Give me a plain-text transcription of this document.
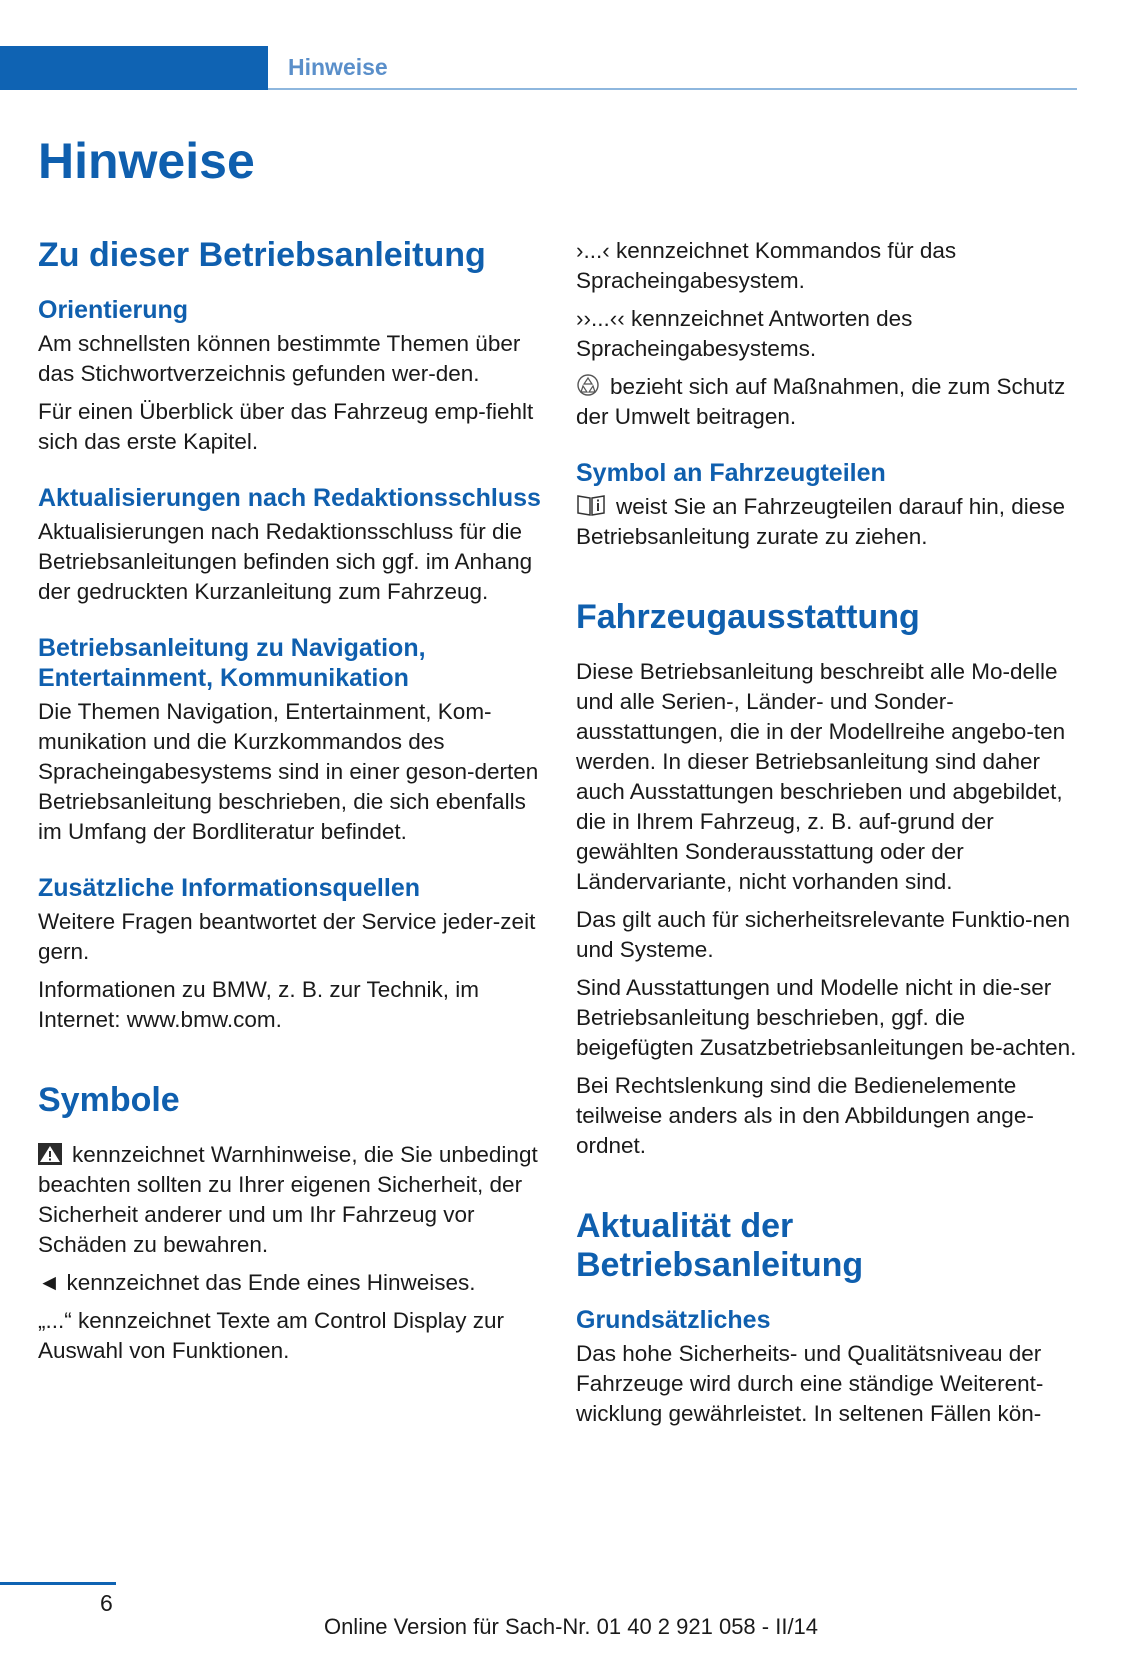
Hinweise
Hinweise
Zu dieser Betriebsanleitung
Orientierung

Am schnellsten können bestimmte Themen über das Stichwortverzeichnis gefunden wer-den.

Für einen Überblick über das Fahrzeug emp-fiehlt sich das erste Kapitel.

Aktualisierungen nach Redaktionsschluss

Aktualisierungen nach Redaktionsschluss für die Betriebsanleitungen befinden sich ggf. im Anhang der gedruckten Kurzanleitung zum Fahrzeug.

Betriebsanleitung zu Navigation, Entertainment, Kommunikation

Die Themen Navigation, Entertainment, Kom-munikation und die Kurzkommandos des Spracheingabesystems sind in einer geson-derten Betriebsanleitung beschrieben, die sich ebenfalls im Umfang der Bordliteratur befindet.

Zusätzliche Informationsquellen

Weitere Fragen beantwortet der Service jeder-zeit gern.

Informationen zu BMW, z. B. zur Technik, im Internet: www.bmw.com.

Symbole

kennzeichnet Warnhinweise, die Sie unbedingt beachten sollten zu Ihrer eigenen Sicherheit, der Sicherheit anderer und um Ihr Fahrzeug vor Schäden zu bewahren.

◄ kennzeichnet das Ende eines Hinweises.

„...“ kennzeichnet Texte am Control Display zur Auswahl von Funktionen.

›...‹ kennzeichnet Kommandos für das Spracheingabesystem.

››...‹‹ kennzeichnet Antworten des Spracheingabesystems.

bezieht sich auf Maßnahmen, die zum Schutz der Umwelt beitragen.

Symbol an Fahrzeugteilen

weist Sie an Fahrzeugteilen darauf hin, diese Betriebsanleitung zurate zu ziehen.

Fahrzeugausstattung

Diese Betriebsanleitung beschreibt alle Mo-delle und alle Serien-, Länder- und Sonder-ausstattungen, die in der Modellreihe angebo-ten werden. In dieser Betriebsanleitung sind daher auch Ausstattungen beschrieben und abgebildet, die in Ihrem Fahrzeug, z. B. auf-grund der gewählten Sonderausstattung oder der Ländervariante, nicht vorhanden sind.

Das gilt auch für sicherheitsrelevante Funktio-nen und Systeme.

Sind Ausstattungen und Modelle nicht in die-ser Betriebsanleitung beschrieben, ggf. die beigefügten Zusatzbetriebsanleitungen be-achten.

Bei Rechtslenkung sind die Bedienelemente teilweise anders als in den Abbildungen ange-ordnet.

Aktualität der Betriebsanleitung
Grundsätzliches

Das hohe Sicherheits- und Qualitätsniveau der Fahrzeuge wird durch eine ständige Weiterent-wicklung gewährleistet. In seltenen Fällen kön-

6
Online Version für Sach-Nr. 01 40 2 921 058 - II/14
